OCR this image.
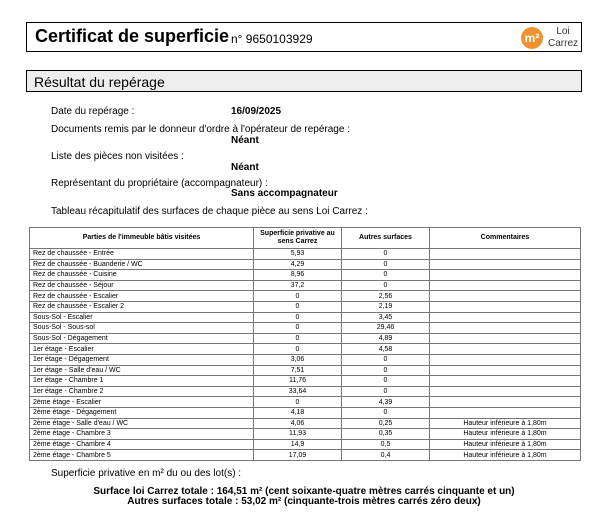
Certificat de superficie n° 9650103929	m²	Loi
Carrez
Résultat du repérage
Date du repérage :	16/09/2025
Documents remis par le donneur d'ordre à l'opérateur de repérage :
Néant
Liste des pièces non visitées :
Néant
Représentant du propriétaire (accompagnateur) :
Sans accompagnateur
Tableau récapitulatif des surfaces de chaque pièce au sens Loi Carrez :
Parties de l'immeuble bâtis visitées	Superficie privative au sens Carrez	Autres surfaces	Commentaires
Rez de chaussée - Entrée	5,93	0	
Rez de chaussée - Buanderie / WC	4,29	0	
Rez de chaussée - Cuisine	8,96	0	
Rez de chaussée - Séjour	37,2	0	
Rez de chaussée - Escalier	0	2,56	
Rez de chaussée - Escalier 2	0	2,19	
Sous-Sol - Escalier	0	3,45	
Sous-Sol - Sous-sol	0	29,46	
Sous-Sol - Dégagement	0	4,89	
1er étage - Escalier	0	4,58	
1er étage - Dégagement	3,06	0	
1er étage - Salle d'eau / WC	7,51	0	
1er étage - Chambre 1	11,76	0	
1er étage - Chambre 2	33,64	0	
2ème étage - Escalier	0	4,39	
2ème étage - Dégagement	4,18	0	
2ème étage - Salle d'eau / WC	4,06	0,25	Hauteur inférieure à 1,80m
2ème étage - Chambre 3	11,93	0,35	Hauteur inférieure à 1,80m
2ème étage - Chambre 4	14,9	0,5	Hauteur inférieure à 1,80m
2ème étage - Chambre 5	17,09	0,4	Hauteur inférieure à 1,80m
Superficie privative en m² du ou des lot(s) :
Surface loi Carrez totale : 164,51 m² (cent soixante-quatre mètres carrés cinquante et un)
Autres surfaces totale : 53,02 m² (cinquante-trois mètres carrés zéro deux)
